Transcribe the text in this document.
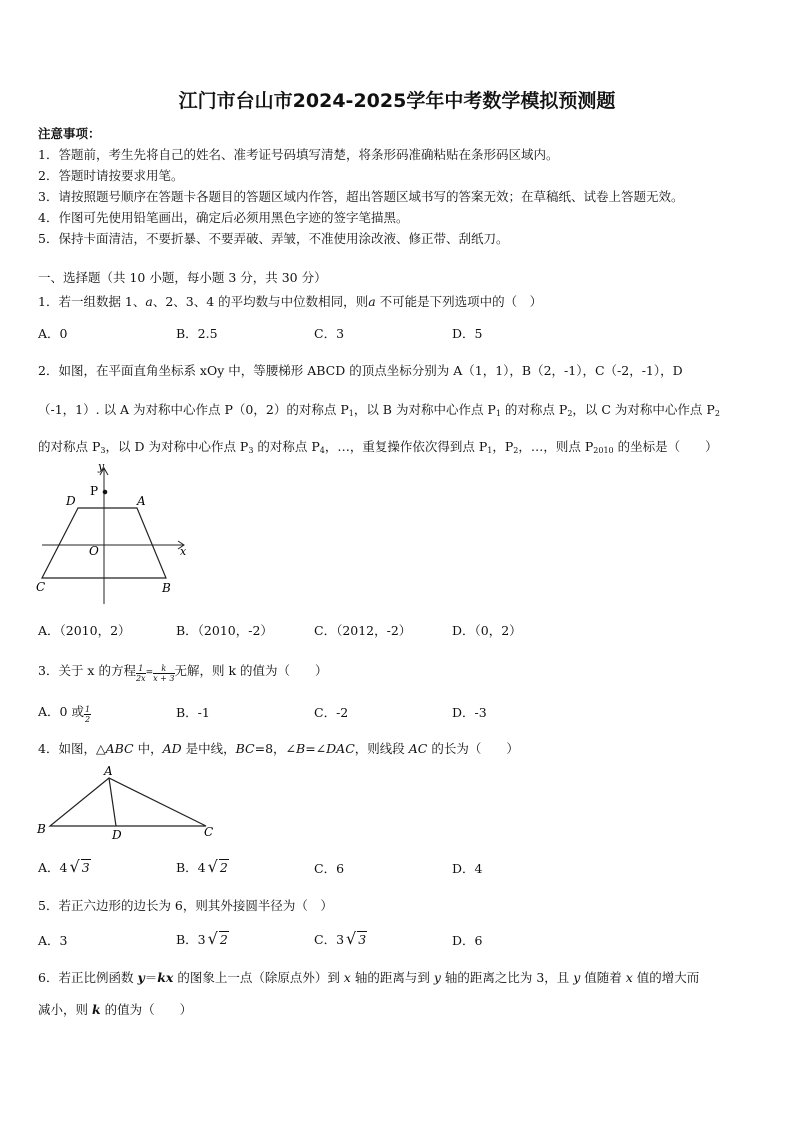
江门市台山市2024-2025学年中考数学模拟预测题
注意事项：
1．答题前，考生先将自己的姓名、准考证号码填写清楚，将条形码准确粘贴在条形码区域内。
2．答题时请按要求用笔。
3．请按照题号顺序在答题卡各题目的答题区域内作答，超出答题区域书写的答案无效；在草稿纸、试卷上答题无效。
4．作图可先使用铅笔画出，确定后必须用黑色字迹的签字笔描黑。
5．保持卡面清洁，不要折暴、不要弄破、弄皱，不准使用涂改液、修正带、刮纸刀。
一、选择题（共 10 小题，每小题 3 分，共 30 分）
1．若一组数据 1、a、2、3、4 的平均数与中位数相同，则a 不可能是下列选项中的（　）
A．0	B．2.5	C．3	D．5
2．如图，在平面直角坐标系 xOy 中，等腰梯形 ABCD 的顶点坐标分别为 A（1，1），B（2，-1），C（-2，-1），D
（-1，1）. 以 A 为对称中心作点 P（0，2）的对称点 $P_1$，以 B 为对称中心作点 $P_1$ 的对称点 $P_2$，以 C 为对称中心作点 $P_2$
的对称点 $P_3$，以 D 为对称中心作点 $P_3$ 的对称点 $P_4$，…，重复操作依次得到点 $P_1$，$P_2$，…，则点 $P_{2010}$ 的坐标是（　　）
D	A
P
y
x
O
C	B
A．（2010，2）	B．（2010，-2）	C．（2012，-2）	D．（0，2）
3．关于 x 的方程 $\frac{1}{2x} = \frac{k}{x + 3}$ 无解，则 k 的值为（　　）
A．0 或 $\frac{1}{2}$	B．-1	C．-2	D．-3
4．如图，△ABC 中，AD 是中线，BC=8，∠B=∠DAC，则线段 AC 的长为（　　）
A
B	C
D
A．4 √ 3	B．4 √ 2	C．6	D．4
5．若正六边形的边长为 6，则其外接圆半径为（　）
A．3	B．3 √ 2	C．3 √ 3	D．6
6．若正比例函数 y＝kx 的图象上一点（除原点外）到 x 轴的距离与到 y 轴的距离之比为 3，且 y 值随着 x 值的增大而
减小，则 k 的值为（　　）
